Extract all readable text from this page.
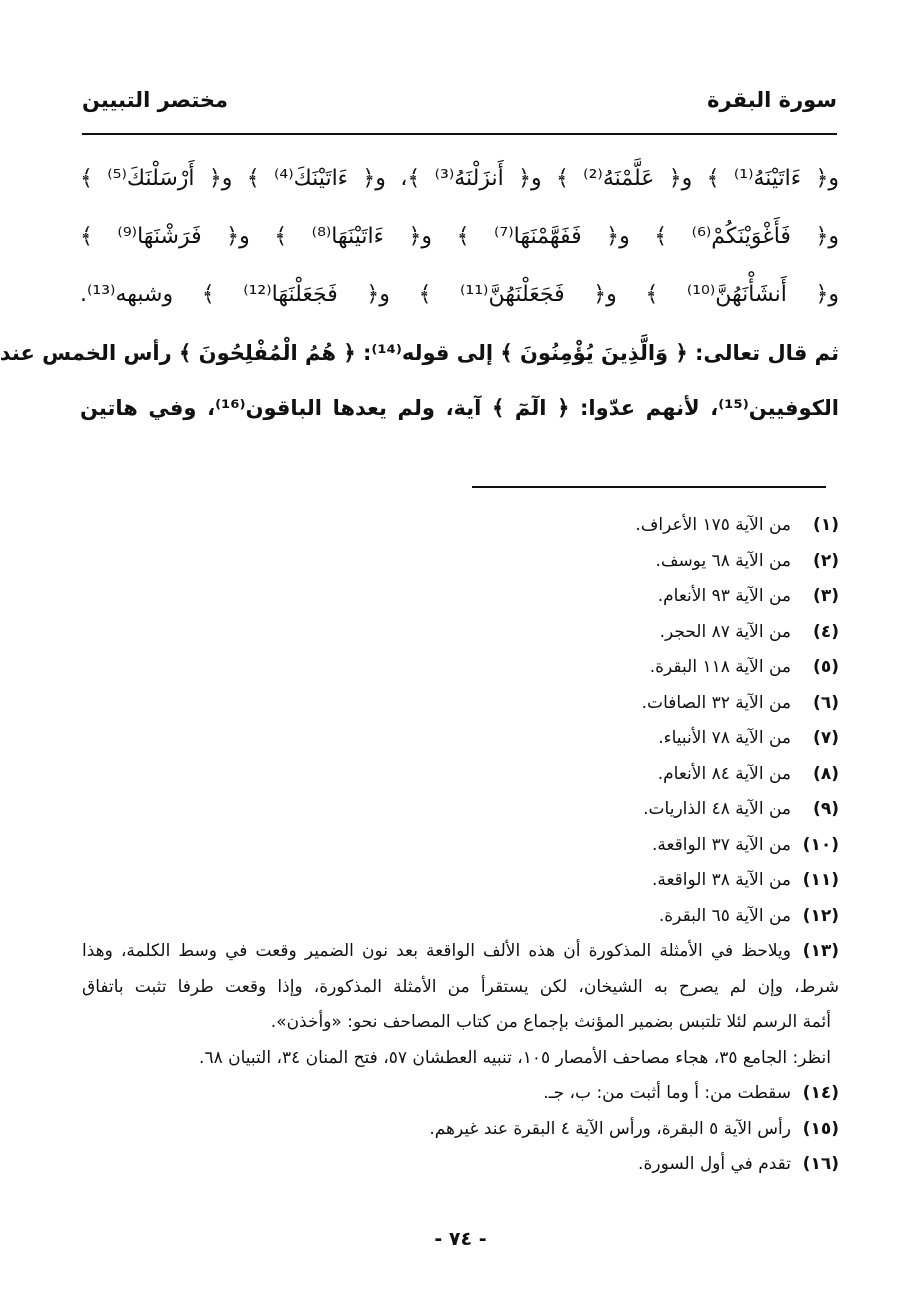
سورة البقرة
مختصر التبيين
و﴿ ءَاتَيْنَهُ⁽¹⁾ ﴾ و﴿ عَلَّمْنَهُ⁽²⁾ ﴾ و﴿ أَنزَلْنَهُ⁽³⁾ ﴾، و﴿ ءَاتَيْنَكَ⁽⁴⁾ ﴾ و﴿ أَرْسَلْنَكَ⁽⁵⁾ ﴾
و﴿ فَأَغْوَيْنَكُمْ⁽⁶⁾ ﴾ و﴿ فَفَهَّمْنَهَا⁽⁷⁾ ﴾ و﴿ ءَاتَيْنَهَا⁽⁸⁾ ﴾ و﴿ فَرَشْنَهَا⁽⁹⁾ ﴾
و﴿ أَنشَأْنَهُنَّ⁽¹⁰⁾ ﴾ و﴿ فَجَعَلْنَهُنَّ⁽¹¹⁾ ﴾ و﴿ فَجَعَلْنَهَا⁽¹²⁾ ﴾ وشبهه⁽¹³⁾.
ثم قال تعالى: ﴿ وَالَّذِينَ يُؤْمِنُونَ ﴾ إلى قوله⁽¹⁴⁾: ﴿ هُمُ الْمُفْلِحُونَ ﴾ رأس الخمس عند
الكوفيين⁽¹⁵⁾، لأنهم عدّوا: ﴿ الٓمٓ ﴾ آية، ولم يعدها الباقون⁽¹⁶⁾، وفي هاتين
(١)
من الآية ١٧٥ الأعراف.
(٢)
من الآية ٦٨ يوسف.
(٣)
من الآية ٩٣ الأنعام.
(٤)
من الآية ٨٧ الحجر.
(٥)
من الآية ١١٨ البقرة.
(٦)
من الآية ٣٢ الصافات.
(٧)
من الآية ٧٨ الأنبياء.
(٨)
من الآية ٨٤ الأنعام.
(٩)
من الآية ٤٨ الذاريات.
(١٠)
من الآية ٣٧ الواقعة.
(١١)
من الآية ٣٨ الواقعة.
(١٢)
من الآية ٦٥ البقرة.
(١٣)
ويلاحظ في الأمثلة المذكورة أن هذه الألف الواقعة بعد نون الضمير وقعت في وسط الكلمة، وهذا
شرط، وإن لم يصرح به الشيخان، لكن يستقرأ من الأمثلة المذكورة، وإذا وقعت طرفا تثبت باتفاق
أئمة الرسم لئلا تلتبس بضمير المؤنث بإجماع من كتاب المصاحف نحو: «وأخذن».
انظر: الجامع ٣٥، هجاء مصاحف الأمصار ١٠٥، تنبيه العطشان ٥٧، فتح المنان ٣٤، التبيان ٦٨.
(١٤)
سقطت من: أ وما أثبت من: ب، جـ.
(١٥)
رأس الآية ٥ البقرة، ورأس الآية ٤ البقرة عند غيرهم.
(١٦)
تقدم في أول السورة.
- ٧٤ -
